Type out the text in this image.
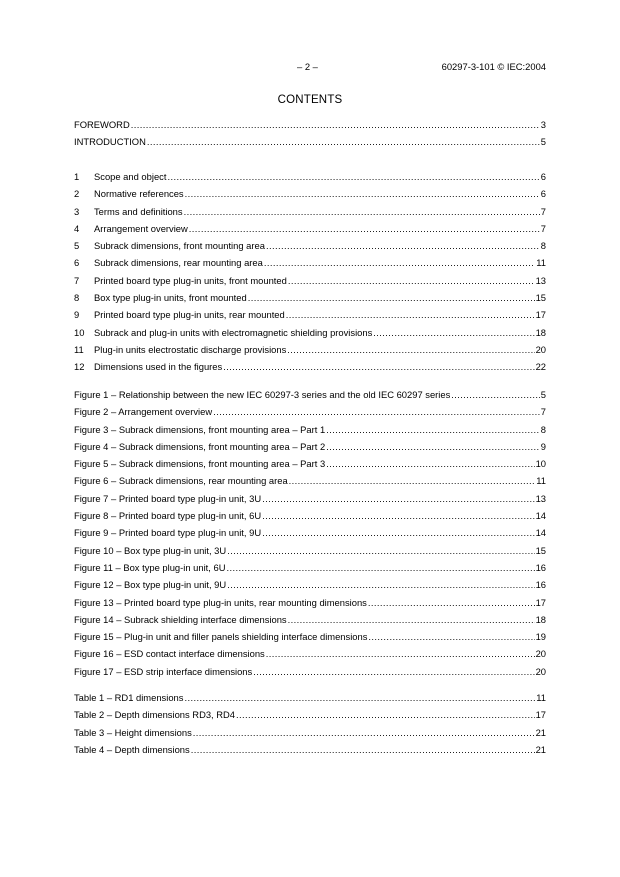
– 2 –	60297-3-101 © IEC:2004
CONTENTS
FOREWORD .....	3
INTRODUCTION .....	5
1	Scope and object .....	6
2	Normative references .....	6
3	Terms and definitions .....	7
4	Arrangement overview .....	7
5	Subrack dimensions, front mounting area .....	8
6	Subrack dimensions, rear mounting area .....	11
7	Printed board type plug-in units, front mounted .....	13
8	Box type plug-in units, front mounted .....	15
9	Printed board type plug-in units, rear mounted .....	17
10	Subrack and plug-in units with electromagnetic shielding provisions .....	18
11	Plug-in units electrostatic discharge provisions .....	20
12	Dimensions used in the figures .....	22
Figure 1 – Relationship between the new IEC 60297-3 series and the old IEC 60297 series .....	5
Figure 2 – Arrangement overview .....	7
Figure 3 – Subrack dimensions, front mounting area – Part 1 .....	8
Figure 4 – Subrack dimensions, front mounting area – Part 2 .....	9
Figure 5 – Subrack dimensions, front mounting area – Part 3 .....	10
Figure 6 – Subrack dimensions, rear mounting area .....	11
Figure 7 – Printed board type plug-in unit, 3U .....	13
Figure 8 – Printed board type plug-in unit, 6U .....	14
Figure 9 – Printed board type plug-in unit, 9U .....	14
Figure 10 – Box type plug-in unit, 3U .....	15
Figure 11 – Box type plug-in unit, 6U .....	16
Figure 12 – Box type plug-in unit, 9U .....	16
Figure 13 – Printed board type plug-in units, rear mounting dimensions .....	17
Figure 14 – Subrack shielding interface dimensions .....	18
Figure 15 – Plug-in unit and filler panels shielding interface dimensions .....	19
Figure 16 – ESD contact interface dimensions .....	20
Figure 17 – ESD strip interface dimensions .....	20
Table 1 – RD1 dimensions .....	11
Table 2 – Depth dimensions RD3, RD4 .....	17
Table 3 – Height dimensions .....	21
Table 4 – Depth dimensions .....	21
